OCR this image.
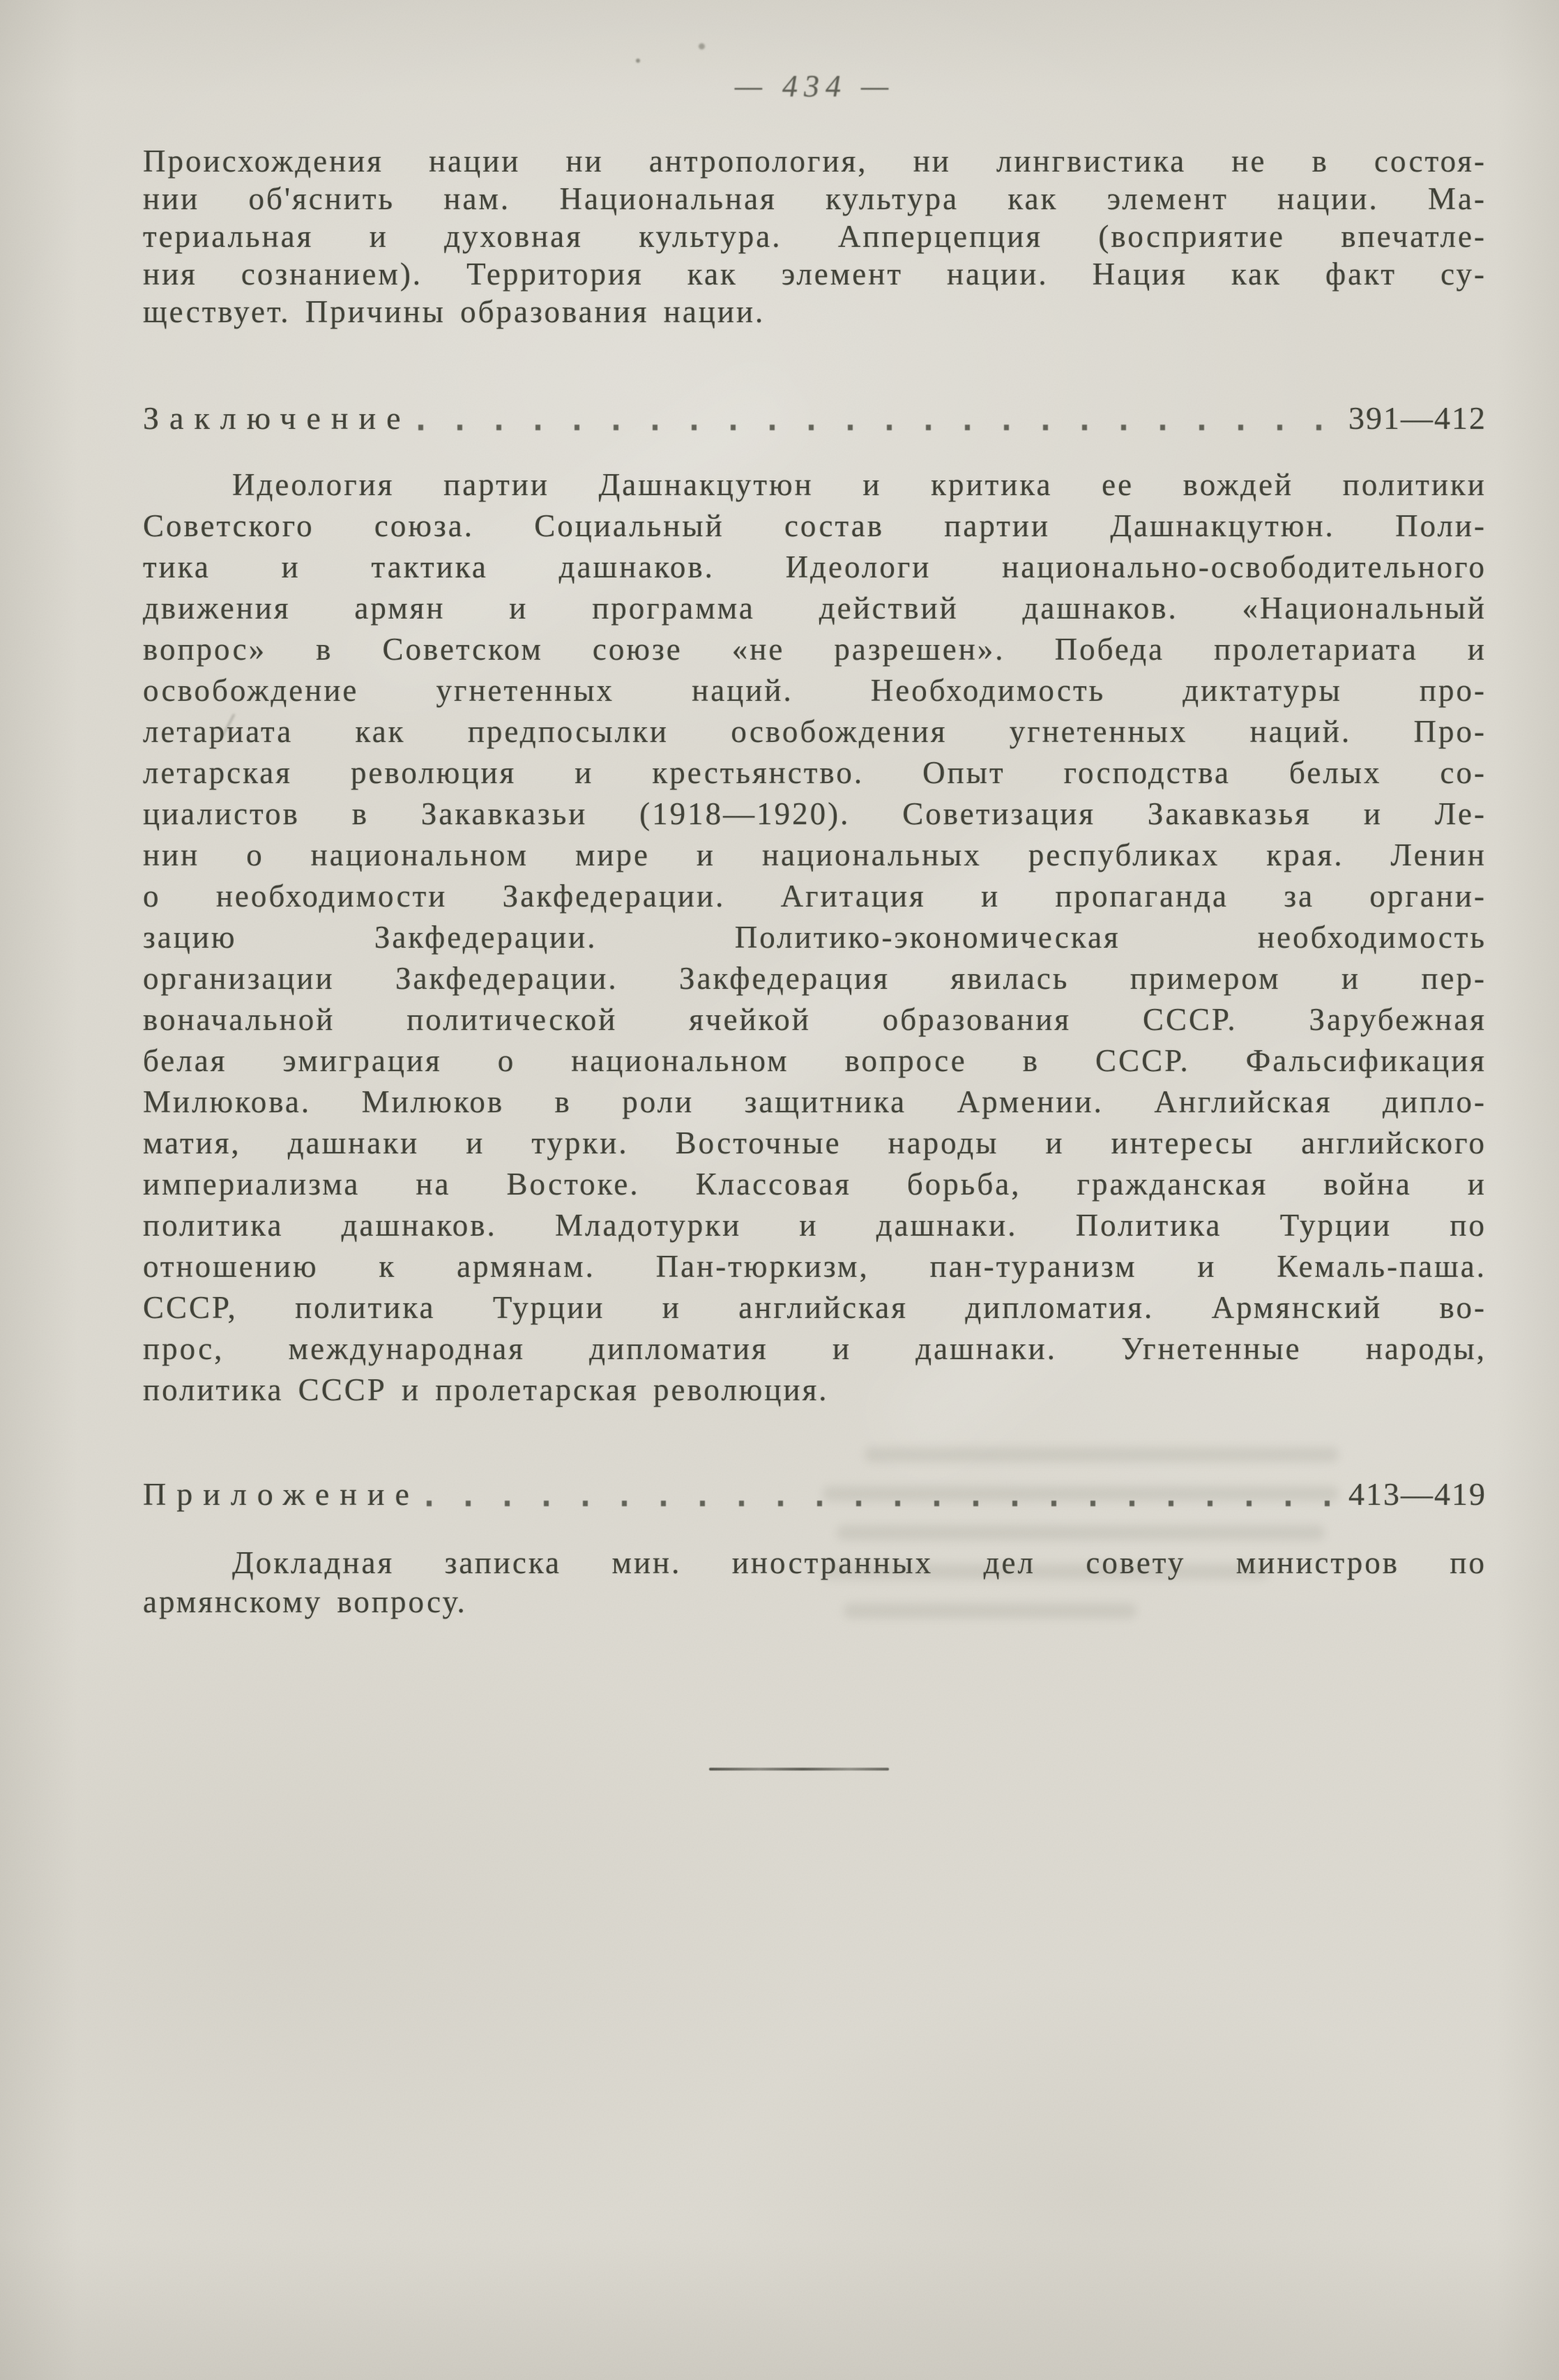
— 434 —
Происхождения нации ни антропология, ни лингвистика не в состоя-
нии об'яснить нам. Национальная культура как элемент нации. Ма-
териальная и духовная культура. Апперцепция (восприятие впечатле-
ния сознанием). Территория как элемент нации. Нация как факт су-
ществует. Причины образования нации.
Заключение	391—412
Идеология партии Дашнакцутюн и критика ее вождей политики
Советского союза. Социальный состав партии Дашнакцутюн. Поли-
тика и тактика дашнаков. Идеологи национально-освободительного
движения армян и программа действий дашнаков. «Национальный
вопрос» в Советском союзе «не разрешен». Победа пролетариата и
освобождение угнетенных наций. Необходимость диктатуры про-
летариата как предпосылки освобождения угнетенных наций. Про-
летарская революция и крестьянство. Опыт господства белых со-
циалистов в Закавказьи (1918—1920). Советизация Закавказья и Ле-
нин о национальном мире и национальных республиках края. Ленин
о необходимости Закфедерации. Агитация и пропаганда за органи-
зацию Закфедерации. Политико-экономическая необходимость
организации Закфедерации. Закфедерация явилась примером и пер-
воначальной политической ячейкой образования СССР. Зарубежная
белая эмиграция о национальном вопросе в СССР. Фальсификация
Милюкова. Милюков в роли защитника Армении. Английская дипло-
матия, дашнаки и турки. Восточные народы и интересы английского
империализма на Востоке. Классовая борьба, гражданская война и
политика дашнаков. Младотурки и дашнаки. Политика Турции по
отношению к армянам. Пан-тюркизм, пан-туранизм и Кемаль-паша.
СССР, политика Турции и английская дипломатия. Армянский во-
прос, международная дипломатия и дашнаки. Угнетенные народы,
политика СССР и пролетарская революция.
Приложение	413—419
Докладная записка мин. иностранных дел совету министров по
армянскому вопросу.
